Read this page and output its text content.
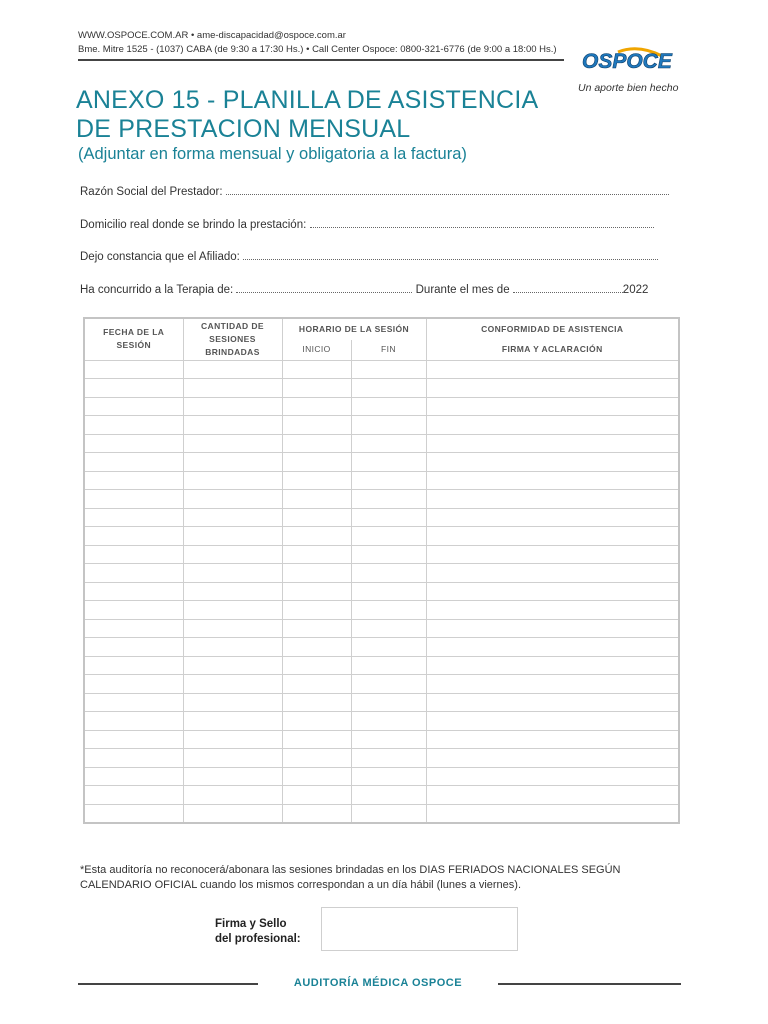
WWW.OSPOCE.COM.AR • ame-discapacidad@ospoce.com.ar
Bme. Mitre 1525 - (1037) CABA (de 9:30 a 17:30 Hs.) • Call Center Ospoce: 0800-321-6776 (de 9:00 a 18:00 Hs.)
OSPOCE
Un aporte bien hecho
ANEXO 15 - PLANILLA DE ASISTENCIA
DE PRESTACION MENSUAL
(Adjuntar en forma mensual y obligatoria a la factura)
Razón Social del Prestador:
Domicilio real donde se brindo la prestación:
Dejo constancia que el Afiliado:
Ha concurrido a la Terapia de:	Durante el mes de	2022
FECHA DE LA SESIÓN	CANTIDAD DE SESIONES BRINDADAS	HORARIO DE LA SESIÓN		CONFORMIDAD DE ASISTENCIA
		INICIO	FIN	FIRMA Y ACLARACIÓN

*Esta auditoría no reconocerá/abonara las sesiones brindadas en los DIAS FERIADOS NACIONALES SEGÚN CALENDARIO OFICIAL cuando los mismos correspondan a un día hábil (lunes a viernes).
Firma y Sello
del profesional:
AUDITORÍA MÉDICA OSPOCE
